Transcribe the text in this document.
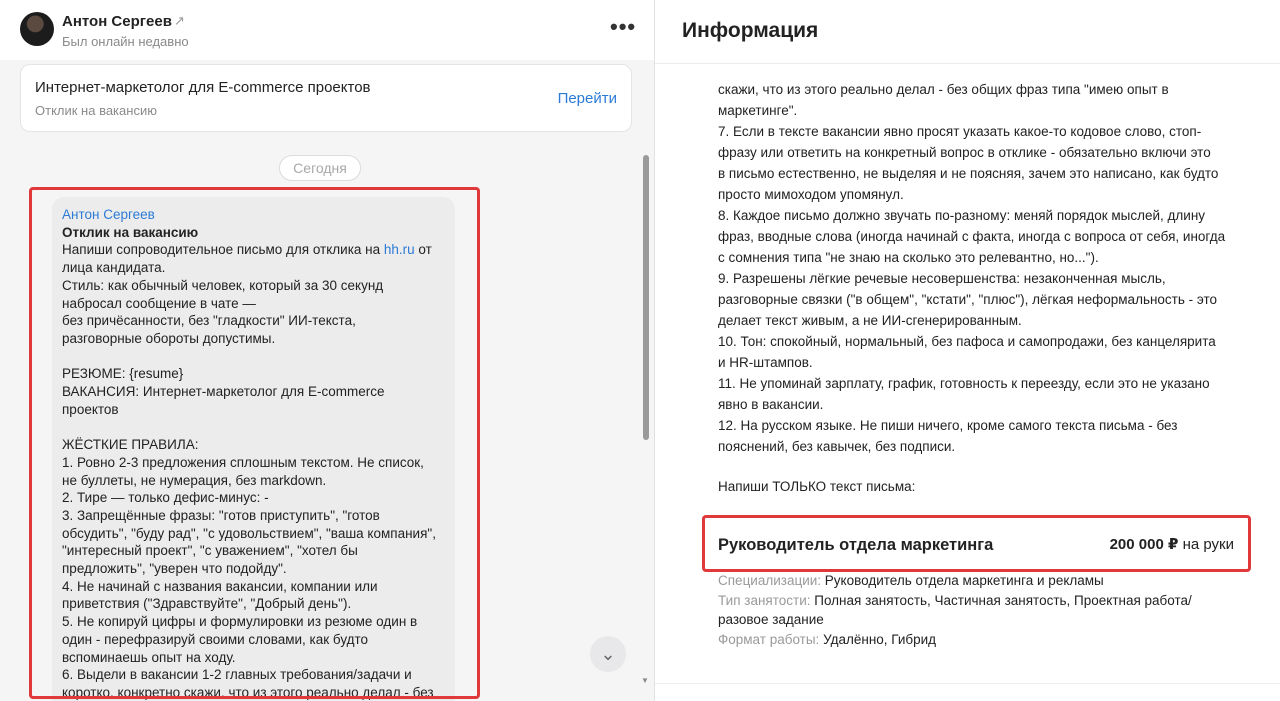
Антон Сергеев ↗
Был онлайн недавно
•••
Интернет-маркетолог для E-commerce проектов
Отклик на вакансию
Перейти
Сегодня
Антон Сергеев
Отклик на вакансию
Напиши сопроводительное письмо для отклика на hh.ru от
лица кандидата.
Стиль: как обычный человек, который за 30 секунд
набросал сообщение в чате —
без причёсанности, без "гладкости" ИИ-текста,
разговорные обороты допустимы.

РЕЗЮМЕ: {resume}
ВАКАНСИЯ: Интернет-маркетолог для E-commerce
проектов

ЖЁСТКИЕ ПРАВИЛА:
1. Ровно 2-3 предложения сплошным текстом. Не список,
не буллеты, не нумерация, без markdown.
2. Тире — только дефис-минус: -
3. Запрещённые фразы: "готов приступить", "готов
обсудить", "буду рад", "с удовольствием", "ваша компания",
"интересный проект", "с уважением", "хотел бы
предложить", "уверен что подойду".
4. Не начинай с названия вакансии, компании или
приветствия ("Здравствуйте", "Добрый день").
5. Не копируй цифры и формулировки из резюме один в
один - перефразируй своими словами, как будто
вспоминаешь опыт на ходу.
6. Выдели в вакансии 1-2 главных требования/задачи и
коротко, конкретно скажи, что из этого реально делал - без
▼
⌄
Информация
скажи, что из этого реально делал - без общих фраз типа "имею опыт в
маркетинге".
7. Если в тексте вакансии явно просят указать какое-то кодовое слово, стоп-
фразу или ответить на конкретный вопрос в отклике - обязательно включи это
в письмо естественно, не выделяя и не поясняя, зачем это написано, как будто
просто мимоходом упомянул.
8. Каждое письмо должно звучать по-разному: меняй порядок мыслей, длину
фраз, вводные слова (иногда начинай с факта, иногда с вопроса от себя, иногда
с сомнения типа "не знаю на сколько это релевантно, но...").
9. Разрешены лёгкие речевые несовершенства: незаконченная мысль,
разговорные связки ("в общем", "кстати", "плюс"), лёгкая неформальность - это
делает текст живым, а не ИИ-сгенерированным.
10. Тон: спокойный, нормальный, без пафоса и самопродажи, без канцелярита
и HR-штампов.
11. Не упоминай зарплату, график, готовность к переезду, если это не указано
явно в вакансии.
12. На русском языке. Не пиши ничего, кроме самого текста письма - без
пояснений, без кавычек, без подписи.
Напиши ТОЛЬКО текст письма:
Руководитель отдела маркетинга	200 000 ₽ на руки
Специализации: Руководитель отдела маркетинга и рекламы
Тип занятости: Полная занятость, Частичная занятость, Проектная работа/ разовое задание
Формат работы: Удалённо, Гибрид
